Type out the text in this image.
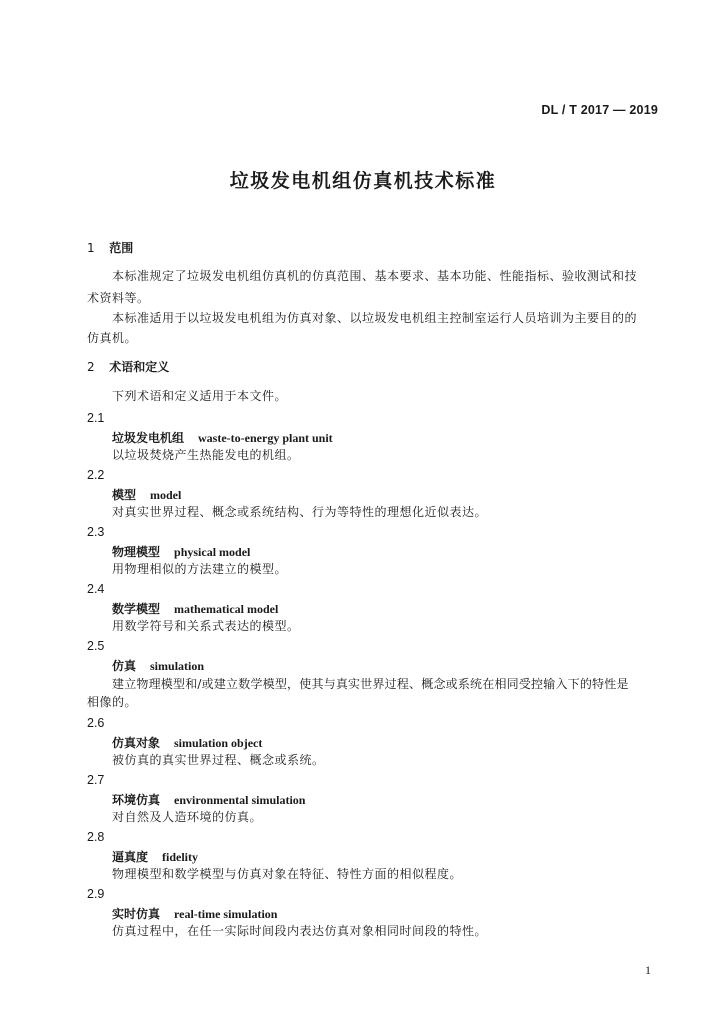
DL / T 2017 — 2019
垃圾发电机组仿真机技术标准
1 范围
本标准规定了垃圾发电机组仿真机的仿真范围、基本要求、基本功能、性能指标、验收测试和技
术资料等。
本标准适用于以垃圾发电机组为仿真对象、以垃圾发电机组主控制室运行人员培训为主要目的的
仿真机。
2 术语和定义
下列术语和定义适用于本文件。
2.1
垃圾发电机组 waste-to-energy plant unit
以垃圾焚烧产生热能发电的机组。
2.2
模型 model
对真实世界过程、概念或系统结构、行为等特性的理想化近似表达。
2.3
物理模型 physical model
用物理相似的方法建立的模型。
2.4
数学模型 mathematical model
用数学符号和关系式表达的模型。
2.5
仿真 simulation
建立物理模型和/或建立数学模型，使其与真实世界过程、概念或系统在相同受控输入下的特性是
相像的。
2.6
仿真对象 simulation object
被仿真的真实世界过程、概念或系统。
2.7
环境仿真 environmental simulation
对自然及人造环境的仿真。
2.8
逼真度 fidelity
物理模型和数学模型与仿真对象在特征、特性方面的相似程度。
2.9
实时仿真 real-time simulation
仿真过程中，在任一实际时间段内表达仿真对象相同时间段的特性。
1
